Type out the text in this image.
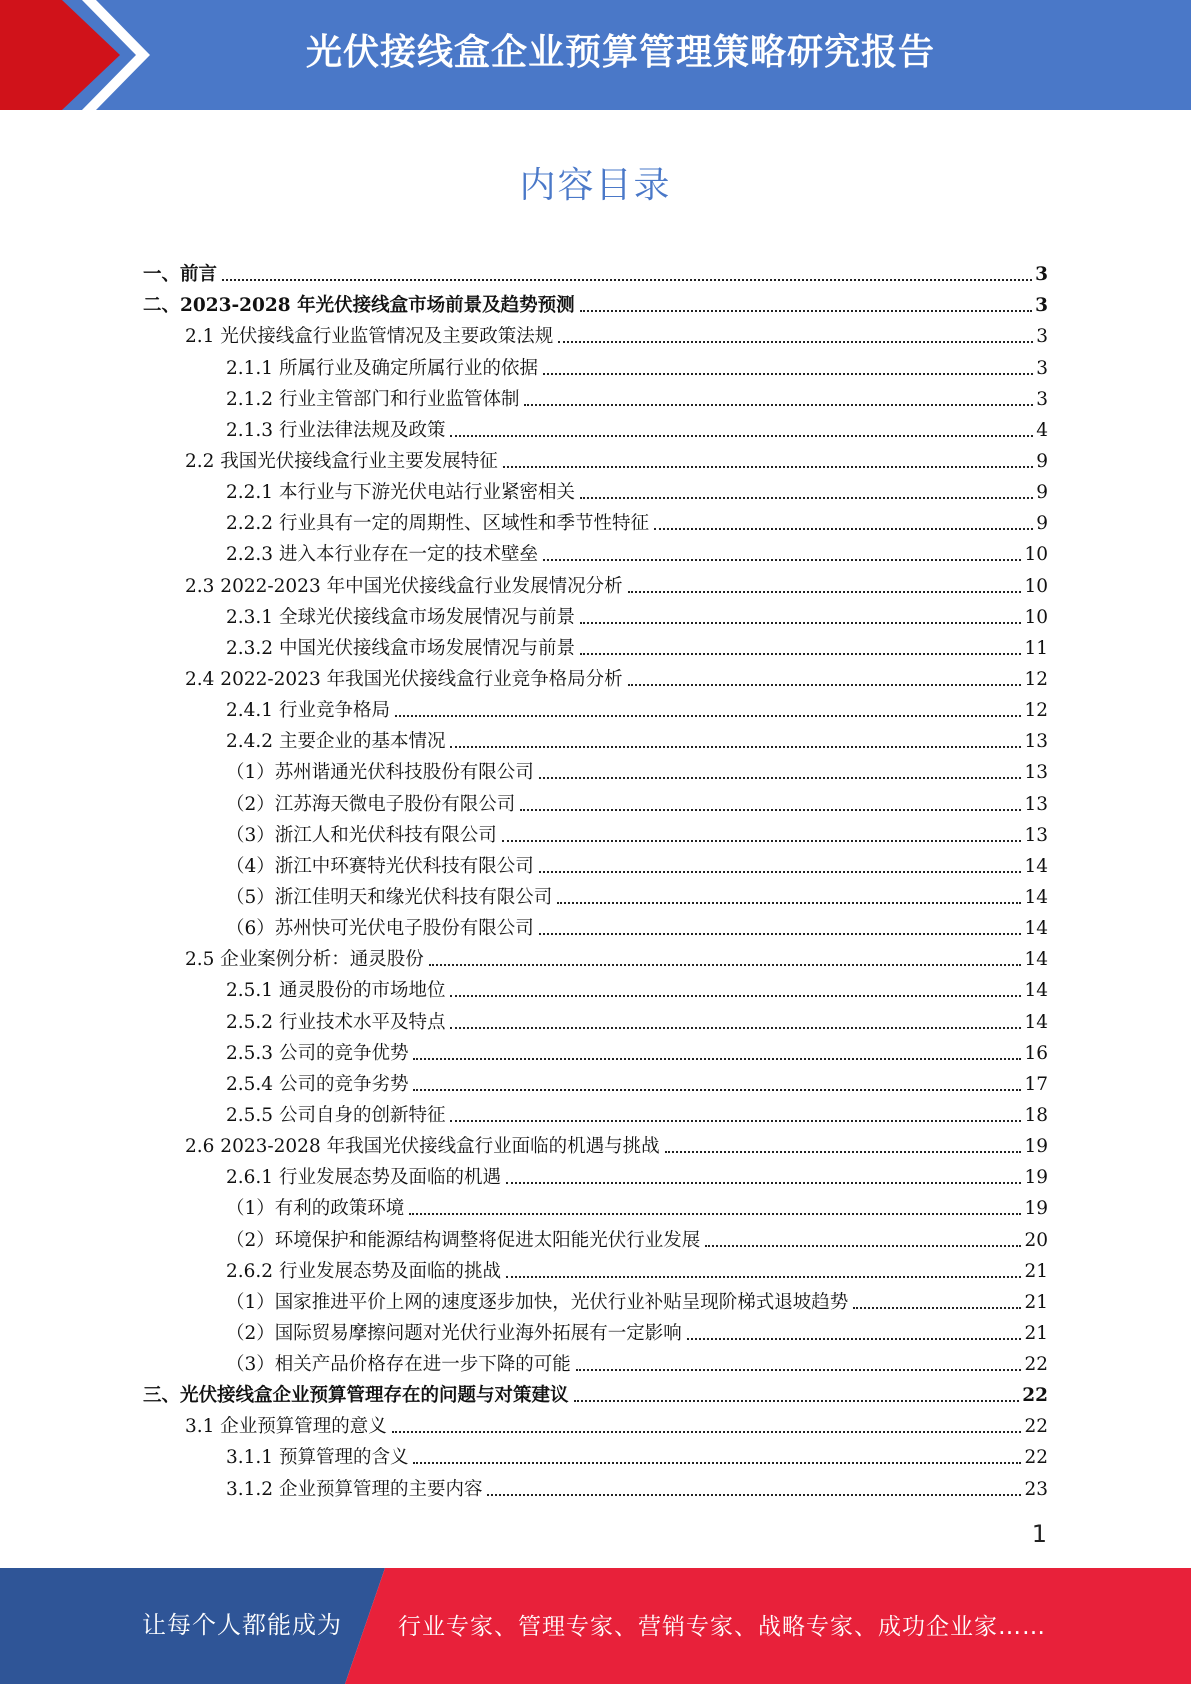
光伏接线盒企业预算管理策略研究报告
内容目录
一、前言	3
二、2023-2028 年光伏接线盒市场前景及趋势预测	3
2.1 光伏接线盒行业监管情况及主要政策法规	3
2.1.1 所属行业及确定所属行业的依据	3
2.1.2 行业主管部门和行业监管体制	3
2.1.3 行业法律法规及政策	4
2.2 我国光伏接线盒行业主要发展特征	9
2.2.1 本行业与下游光伏电站行业紧密相关	9
2.2.2 行业具有一定的周期性、区域性和季节性特征	9
2.2.3 进入本行业存在一定的技术壁垒	10
2.3 2022-2023 年中国光伏接线盒行业发展情况分析	10
2.3.1 全球光伏接线盒市场发展情况与前景	10
2.3.2 中国光伏接线盒市场发展情况与前景	11
2.4 2022-2023 年我国光伏接线盒行业竞争格局分析	12
2.4.1 行业竞争格局	12
2.4.2 主要企业的基本情况	13
（1）苏州谐通光伏科技股份有限公司	13
（2）江苏海天微电子股份有限公司	13
（3）浙江人和光伏科技有限公司	13
（4）浙江中环赛特光伏科技有限公司	14
（5）浙江佳明天和缘光伏科技有限公司	14
（6）苏州快可光伏电子股份有限公司	14
2.5 企业案例分析：通灵股份	14
2.5.1 通灵股份的市场地位	14
2.5.2 行业技术水平及特点	14
2.5.3 公司的竞争优势	16
2.5.4 公司的竞争劣势	17
2.5.5 公司自身的创新特征	18
2.6 2023-2028 年我国光伏接线盒行业面临的机遇与挑战	19
2.6.1 行业发展态势及面临的机遇	19
（1）有利的政策环境	19
（2）环境保护和能源结构调整将促进太阳能光伏行业发展	20
2.6.2 行业发展态势及面临的挑战	21
（1）国家推进平价上网的速度逐步加快，光伏行业补贴呈现阶梯式退坡趋势	21
（2）国际贸易摩擦问题对光伏行业海外拓展有一定影响	21
（3）相关产品价格存在进一步下降的可能	22
三、光伏接线盒企业预算管理存在的问题与对策建议	22
3.1 企业预算管理的意义	22
3.1.1 预算管理的含义	22
3.1.2 企业预算管理的主要内容	23
1
让每个人都能成为 行业专家、管理专家、营销专家、战略专家、成功企业家……
